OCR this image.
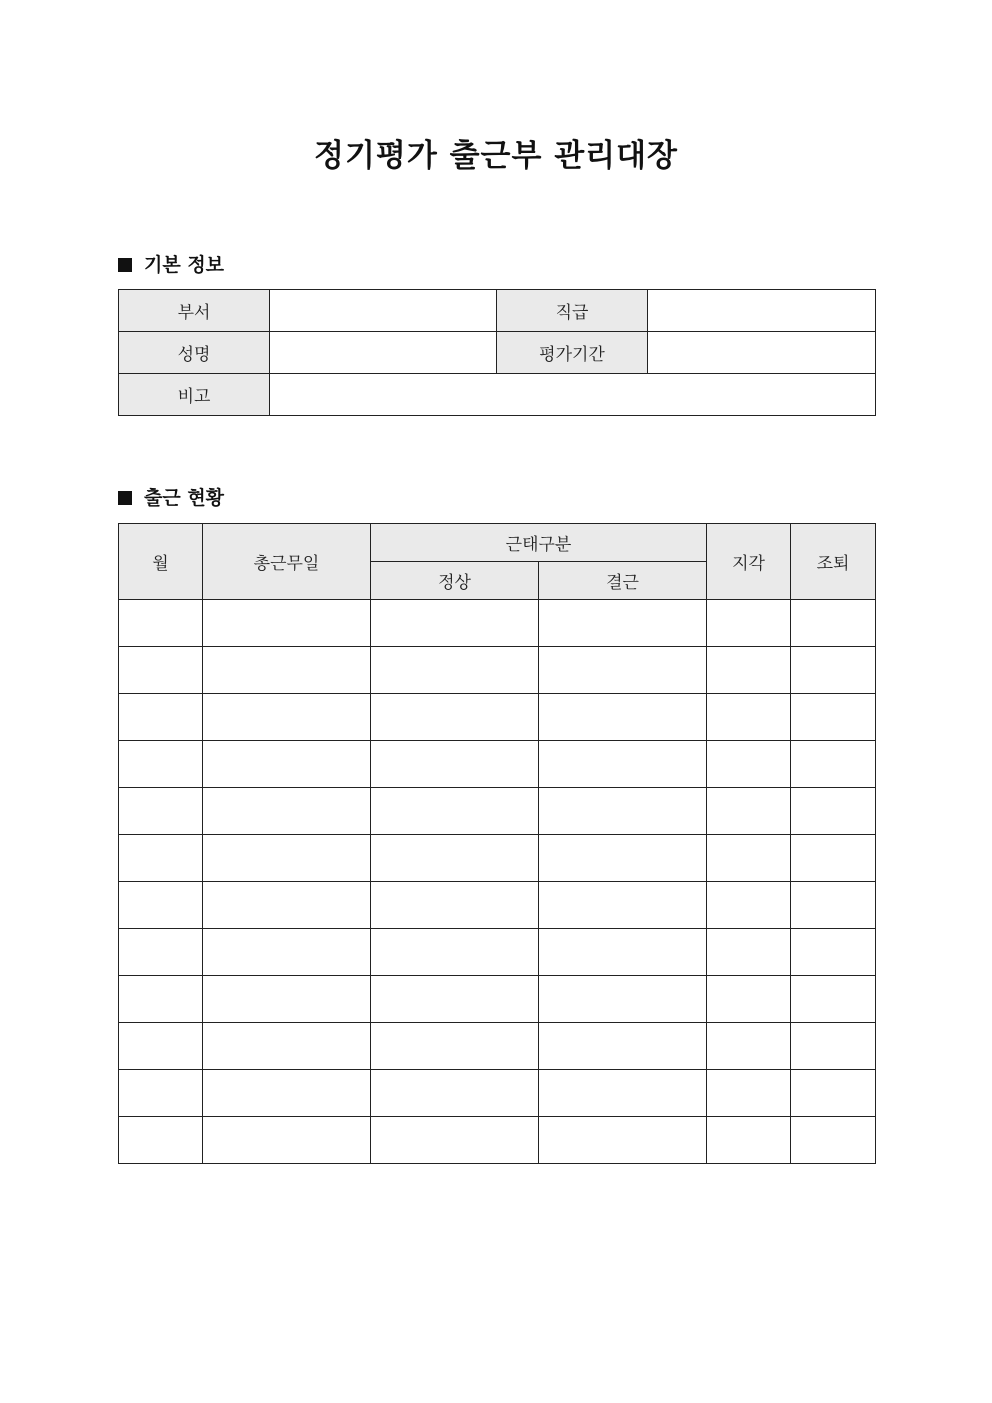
정기평가 출근부 관리대장
기본 정보
부서		직급	
성명		평가기간	
비고			
출근 현황
월	총근무일	근태구분		지각	조퇴
		정상	결근		
